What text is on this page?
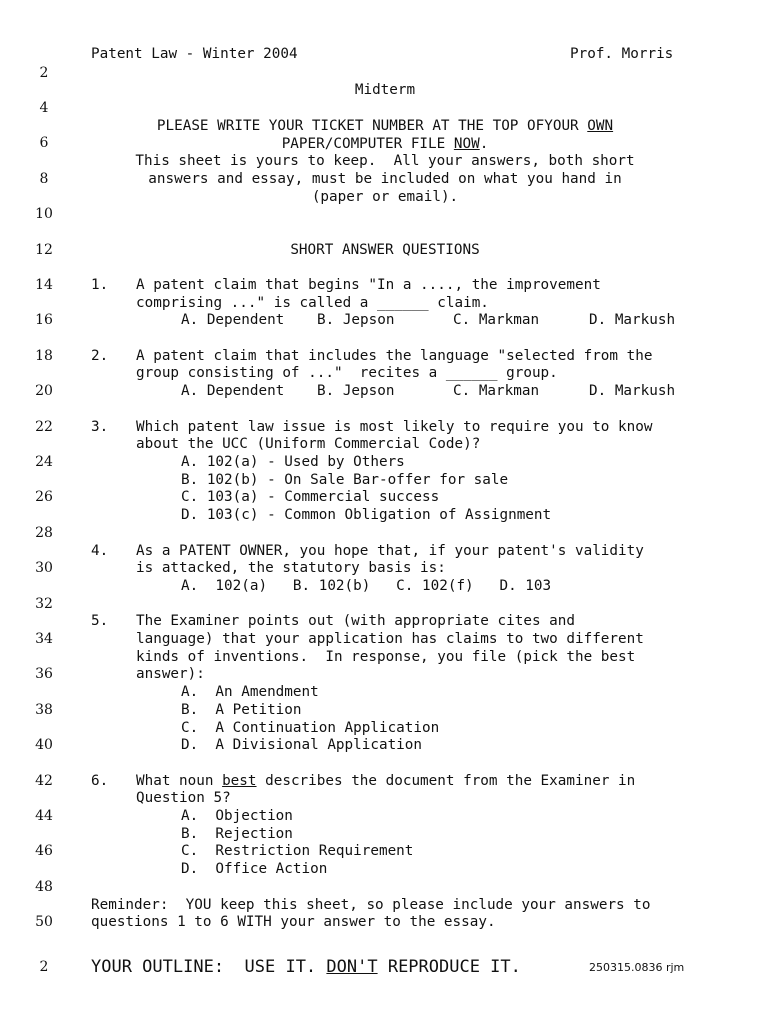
Patent Law - Winter 2004	Prof. Morris
Midterm
2
4
6
8
10
12
14
16
18
20
22
24
26
28
30
32
34
36
38
40
42
44
46
48
50
PLEASE WRITE YOUR TICKET NUMBER AT THE TOP OFYOUR OWN
PAPER/COMPUTER FILE NOW.
This sheet is yours to keep.  All your answers, both short
answers and essay, must be included on what you hand in
(paper or email).
SHORT ANSWER QUESTIONS
1. A patent claim that begins "In a ...., the improvement
comprising ..." is called a ______ claim.
A. Dependent B. Jepson	C. Markman	D. Markush
2. A patent claim that includes the language "selected from the
group consisting of ..."  recites a ______ group.
A. Dependent B. Jepson	C. Markman	D. Markush
3. Which patent law issue is most likely to require you to know
about the UCC (Uniform Commercial Code)?
A. 102(a) - Used by Others
B. 102(b) - On Sale Bar-offer for sale
C. 103(a) - Commercial success
D. 103(c) - Common Obligation of Assignment
4. As a PATENT OWNER, you hope that, if your patent's validity
is attacked, the statutory basis is:
A.  102(a)   B. 102(b)   C. 102(f)   D. 103
5. The Examiner points out (with appropriate cites and
language) that your application has claims to two different
kinds of inventions.  In response, you file (pick the best
answer):
A.  An Amendment
B.  A Petition
C.  A Continuation Application
D.  A Divisional Application
6. What noun best describes the document from the Examiner in
Question 5?
A.  Objection
B.  Rejection
C.  Restriction Requirement
D.  Office Action
Reminder:  YOU keep this sheet, so please include your answers to
questions 1 to 6 WITH your answer to the essay.
2	YOUR OUTLINE:  USE IT. DON'T REPRODUCE IT.	250315.0836 rjm
